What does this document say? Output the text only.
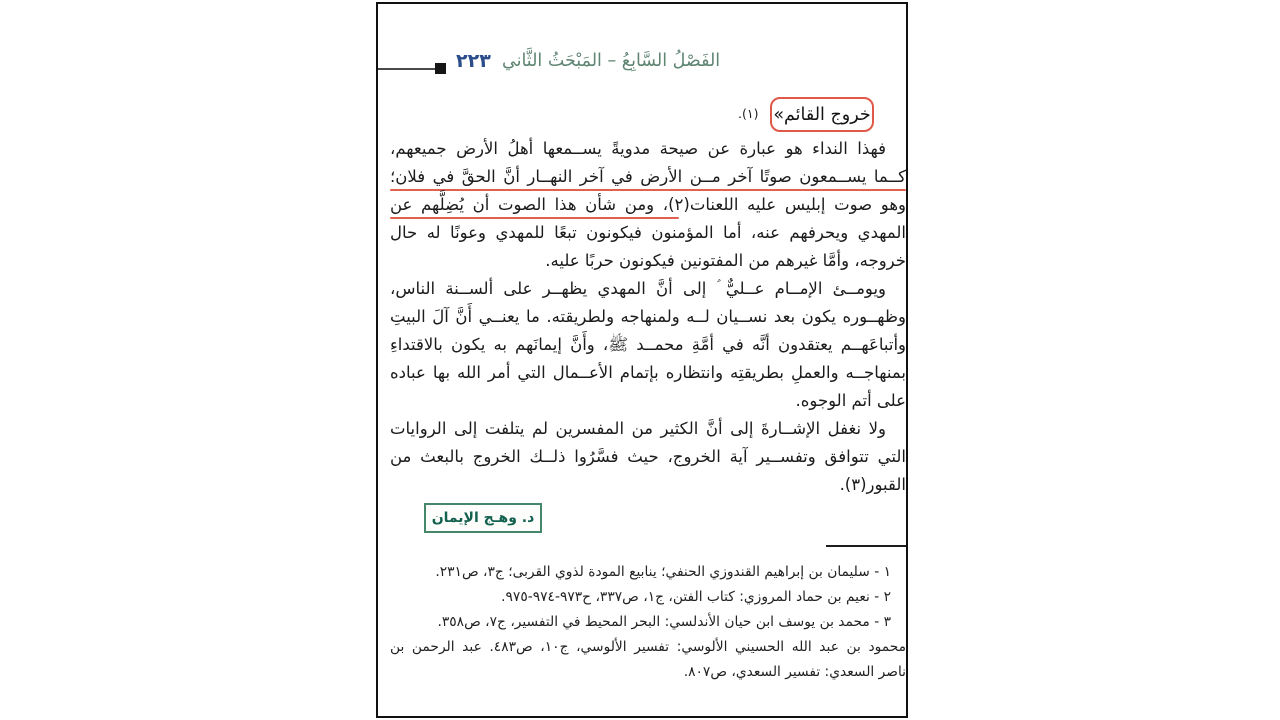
٢٢٣ الفَصْلُ السَّابِعُ – المَبْحَثُ الثَّاني
(١). خروج القائم»
فهذا النداء هو عبارة عن صيحة مدويةً يســمعها أهلُ الأرض جميعهم،
كــما يســمعون صوتًا آخر مــن الأرض في آخر النهــار أنَّ الحقَّ في فلان؛
وهو صوت إبليس عليه اللعنات(٢)، ومن شأن هذا الصوت أن يُضِلَّهم عن
المهدي ويحرفهم عنه، أما المؤمنون فيكونون تبعًا للمهدي وعونًا له حال
خروجه، وأمَّا غيرهم من المفتونين فيكونون حربًا عليه.
ويومــئ الإمــام عــليٌّ ؑ إلى أنَّ المهدي يظهــر على ألســنة الناس،
وظهــوره يكون بعد نســيان لــه ولمنهاجه ولطريقته. ما يعنــي أَنَّ آلَ البيتِ
وأتباعَهــم يعتقدون أنَّه في أمَّةِ محمــد ﷺ، وأَنَّ إيمانَهم به يكون بالاقتداءِ
بمنهاجــه والعملِ بطريقتِه وانتظاره بإتمام الأعــمال التي أمر الله بها عباده
على أتم الوجوه.
ولا نغفل الإشــارةَ إلى أنَّ الكثير من المفسرين لم يتلفت إلى الروايات
التي تتوافق وتفســير آية الخروج، حيث فسَّرُوا ذلــك الخروج بالبعث من
القبور(٣).
د. وهـج الإيمان
١ - سليمان بن إبراهيم القندوزي الحنفي؛ ينابيع المودة لذوي القربى؛ ج٣، ص٢٣١.
٢ - نعيم بن حماد المروزي: كتاب الفتن، ج١، ص٣٣٧، ح٩٧٣-٩٧٤-٩٧٥.
٣ - محمد بن يوسف ابن حيان الأندلسي: البحر المحيط في التفسير، ج٧، ص٣٥٨.
محمود بن عبد الله الحسيني الألوسي: تفسير الألوسي، ج١٠، ص٤٨٣. عبد الرحمن بن
ناصر السعدي: تفسير السعدي، ص٨٠٧.
